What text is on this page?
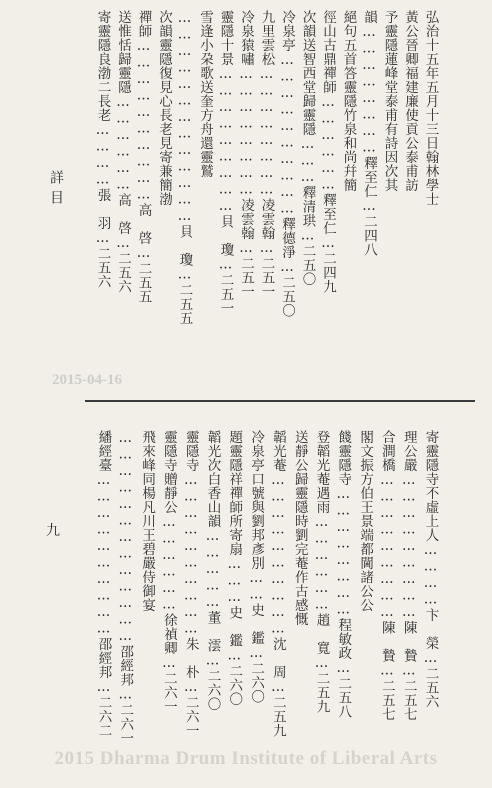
弘治十五年五月十三日翰林學士
黃公晉卿福建廉使貢公泰甫訪
予靈隱蓮峰堂泰甫有詩因次其
韻……………………釋至仁…二四八
絕句五首答靈隱竹泉和尚幷簡
徑山古鼎禪師………………釋至仁…二四九
次韻送智西堂歸靈隱………釋清珙…二五〇
冷泉亭…………………………釋德淨…二五〇
九里雲松……………………凌雲翰…二五一
冷泉猿嘯……………………凌雲翰…二五一
靈隱十景………………………貝　瓊…二五一
雪逢小朶歌送奎方舟還靈鷲
…………………………………貝　瓊…二五五
次韻靈隱復見心長老見寄兼簡渤
禪師…………………………高　啓…二五五
送惟恬歸靈隱………………高　啓…二五六
寄靈隱良渤二長老…………張　羽…二五六
寄靈隱寺不虛上人…………卞　榮…二五六
理公嚴………………………陳　贄…二五七
合澗橋………………………陳　贄…二五七
閣文振方伯王景端都閫諸公公
餞靈隱寺……………………程敏政…二五八
登韜光菴遇雨………………趙　寬…二五九
送靜公歸靈隱時劉完菴作古感慨
韜光菴…………………………沈　周…二五九
冷泉亭口號與劉邦彥別……史　鑑…二六〇
題靈隱祥禪師所寄扇………史　鑑…二六〇
韜光次白香山韻……………董　澐…二六〇
靈隱寺…………………………朱　朴…二六一
靈隱寺贈靜公………………徐禎卿…二六一
飛來峰同楊凡川王碧嚴侍御宴
…………………………………邵經邦…二六一
繙經臺…………………………邵經邦…二六二
詳目
九
2015-04-16
2015 Dharma Drum Institute of Liberal Arts
